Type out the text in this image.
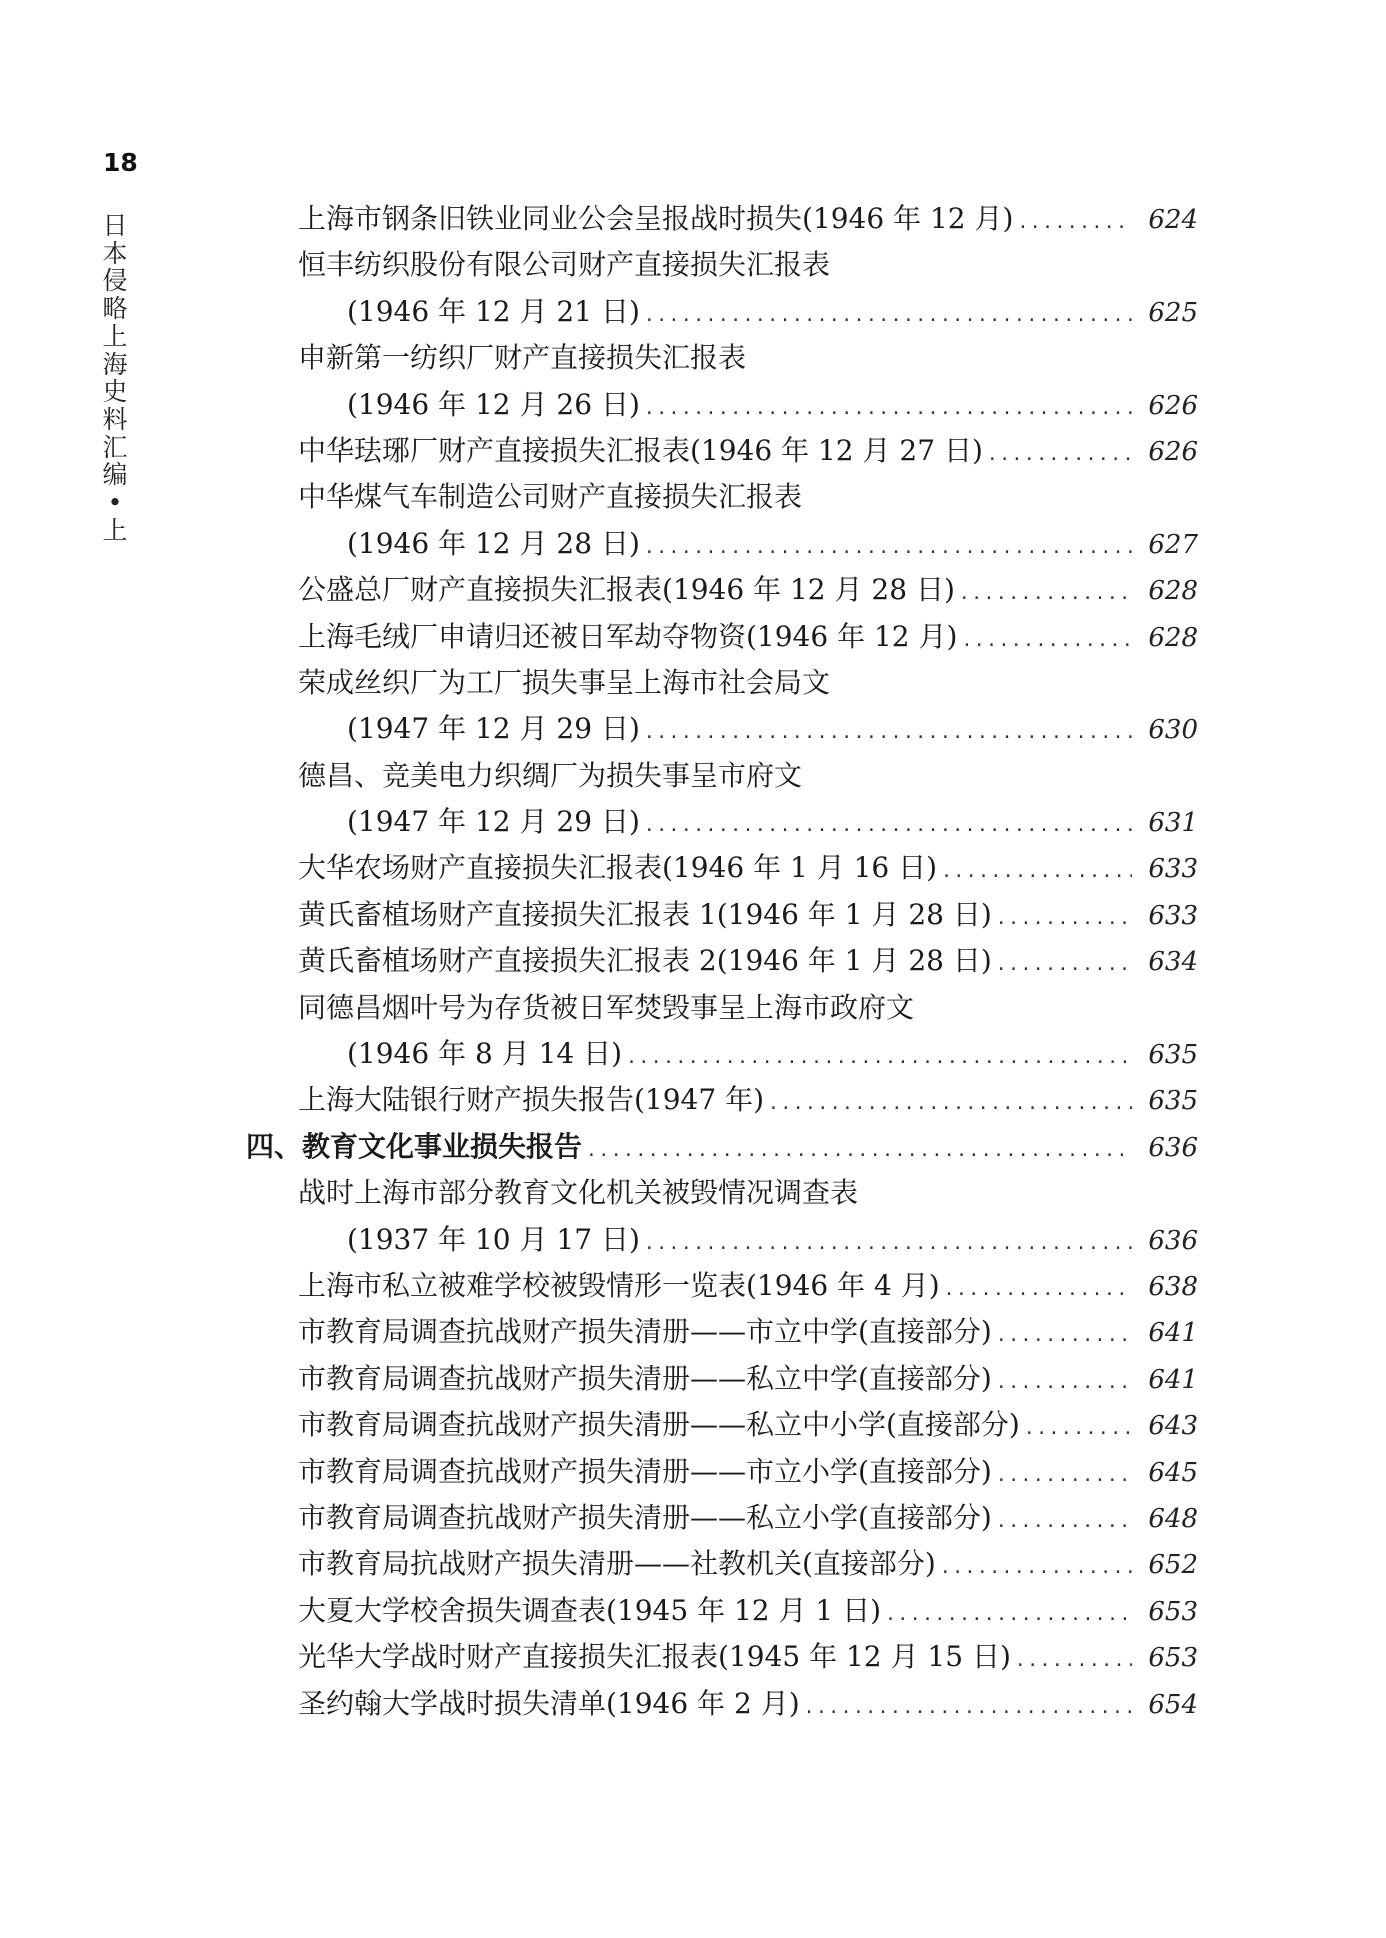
18
日
本
侵
略
上
海
史
料
汇
编
•
上
上海市钢条旧铁业同业公会呈报战时损失(1946 年 12 月) .....	624
恒丰纺织股份有限公司财产直接损失汇报表
(1946 年 12 月 21 日) .....	625
申新第一纺织厂财产直接损失汇报表
(1946 年 12 月 26 日) .....	626
中华珐琊厂财产直接损失汇报表(1946 年 12 月 27 日) .....	626
中华煤气车制造公司财产直接损失汇报表
(1946 年 12 月 28 日) .....	627
公盛总厂财产直接损失汇报表(1946 年 12 月 28 日) .....	628
上海毛绒厂申请归还被日军劫夺物资(1946 年 12 月) .....	628
荣成丝织厂为工厂损失事呈上海市社会局文
(1947 年 12 月 29 日) .....	630
德昌、竞美电力织绸厂为损失事呈市府文
(1947 年 12 月 29 日) .....	631
大华农场财产直接损失汇报表(1946 年 1 月 16 日) .....	633
黄氏畜植场财产直接损失汇报表 1(1946 年 1 月 28 日) .....	633
黄氏畜植场财产直接损失汇报表 2(1946 年 1 月 28 日) .....	634
同德昌烟叶号为存货被日军焚毁事呈上海市政府文
(1946 年 8 月 14 日) .....	635
上海大陆银行财产损失报告(1947 年) .....	635
四、教育文化事业损失报告 .....	636
战时上海市部分教育文化机关被毁情况调查表
(1937 年 10 月 17 日) .....	636
上海市私立被难学校被毁情形一览表(1946 年 4 月) .....	638
市教育局调查抗战财产损失清册——市立中学(直接部分) .....	641
市教育局调查抗战财产损失清册——私立中学(直接部分) .....	641
市教育局调查抗战财产损失清册——私立中小学(直接部分) .....	643
市教育局调查抗战财产损失清册——市立小学(直接部分) .....	645
市教育局调查抗战财产损失清册——私立小学(直接部分) .....	648
市教育局抗战财产损失清册——社教机关(直接部分) .....	652
大夏大学校舍损失调查表(1945 年 12 月 1 日) .....	653
光华大学战时财产直接损失汇报表(1945 年 12 月 15 日) .....	653
圣约翰大学战时损失清单(1946 年 2 月) .....	654
